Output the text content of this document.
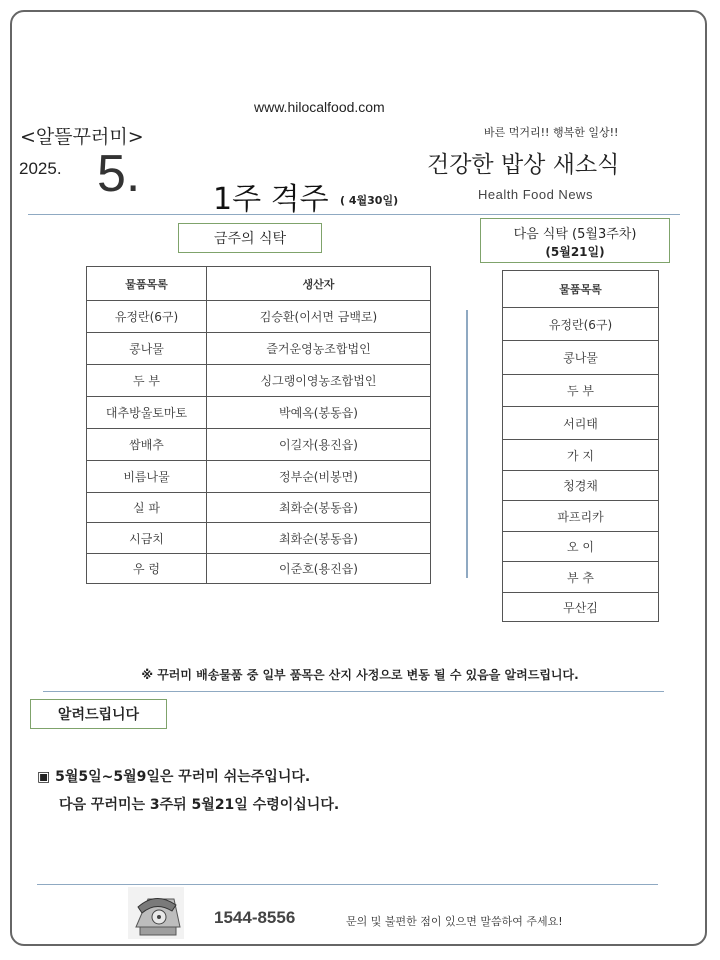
www.hilocalfood.com
<알뜰꾸러미>
2025. 5. 1주 격주 ( 4월30일)
바른 먹거리!! 행복한 일상!!
건강한 밥상 새소식
Health Food News
금주의 식탁
물품목록	생산자
유정란(6구)	김승환(이서면 금백로)
콩나물	즐거운영농조합법인
두 부	싱그랭이영농조합법인
대추방울토마토	박예옥(봉동읍)
쌈배추	이길자(용진읍)
비름나물	정부순(비봉면)
실 파	최화순(봉동읍)
시금치	최화순(봉동읍)
우 렁	이준호(용진읍)
다음 식탁 (5월3주차)
(5월21일)
물품목록
유정란(6구)
콩나물
두 부
서리태
가 지
청경채
파프리카
오 이
부 추
무산김
※ 꾸러미 배송물품 중 일부 품목은 산지 사정으로 변동 될 수 있음을 알려드립니다.
알려드립니다
▣ 5월5일~5월9일은 꾸러미 쉬는주입니다.
다음 꾸러미는 3주뒤 5월21일 수령이십니다.
1544-8556	문의 및 불편한 점이 있으면 말씀하여 주세요!
